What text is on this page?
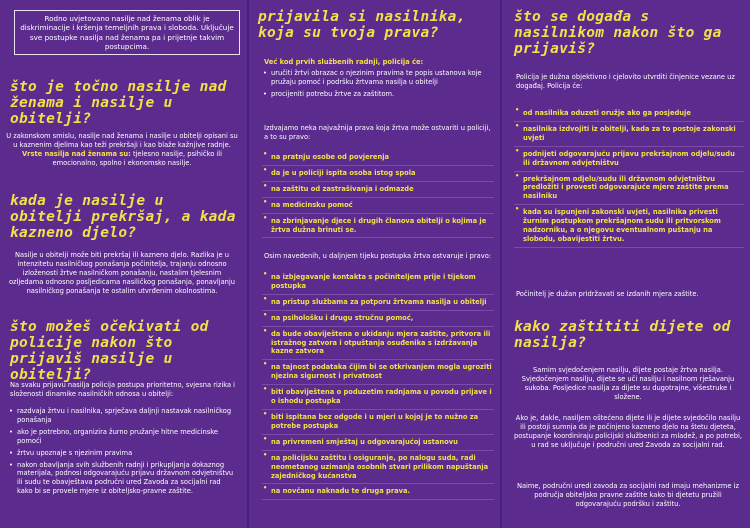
Rodno uvjetovano nasilje nad ženama oblik je diskriminacije i kršenja temeljnih prava i sloboda. Uključuje sve postupke nasilja nad ženama pa i prijetnje takvim postupcima.
što je točno nasilje nad ženama i nasilje u obitelji?
U zakonskom smislu, nasilje nad ženama i nasilje u obitelji opisani su u kaznenim djelima kao teži prekršaji i kao blaže kažnjive radnje.
Vrste nasilja nad ženama su: tjelesno nasilje, psihičko ili emocionalno, spolno i ekonomsko nasilje.
kada je nasilje u obitelji prekršaj, a kada kazneno djelo?
Nasilje u obitelji može biti prekršaj ili kazneno djelo. Razlika je u intenzitetu nasilničkog ponašanja počinitelja, trajanju odnosno izloženosti žrtve nasilničkom ponašanju, nastalim tjelesnim ozljedama odnosno posljedicama nasiličkog ponašanja, ponavljanju nasilničkog ponašanja te ostalim utvrđenim okolnostima.
što možeš očekivati od policije nakon što prijaviš nasilje u obitelji?
Na svaku prijavu nasilja policija postupa prioritetno, svjesna rizika i složenosti dinamike nasilničkih odnosa u obitelji:
• razdvaja žrtvu i nasilnika, sprječava daljnji nastavak nasilničkog ponašanja
• ako je potrebno, organizira žurno pružanje hitne medicinske pomoći
• žrtvu upoznaje s njezinim pravima
• nakon obavljanja svih službenih radnji i prikupljanja dokaznog materijala, podnosi odgovarajuću prijavu državnom odvjetništvu ili sudu te obavještava područni ured Zavoda za socijalni rad kako bi se provele mjere iz obiteljsko-pravne zaštite.
prijavila si nasilnika, koja su tvoja prava?
Već kod prvih službenih radnji, policija će:
• uručiti žrtvi obrazac o njezinim pravima te popis ustanova koje pružaju pomoć i podršku žrtvama nasilja u obitelji
• procijeniti potrebu žrtve za zaštitom.
Izdvajamo neka najvažnija prava koja žrtva može ostvariti u policiji, a to su pravo:
• na pratnju osobe od povjerenja
• da je u policiji ispita osoba istog spola
• na zaštitu od zastrašivanja i odmazde
• na medicinsku pomoć
• na zbrinjavanje djece i drugih članova obitelji o kojima je žrtva dužna brinuti se.
Osim navedenih, u daljnjem tijeku postupka žrtva ostvaruje i pravo:
• na izbjegavanje kontakta s počiniteljem prije i tijekom postupka
• na pristup službama za potporu žrtvama nasilja u obitelji
• na psihološku i drugu stručnu pomoć,
• da bude obaviještena o ukidanju mjera zaštite, pritvora ili istražnog zatvora i otpuštanja osuđenika s izdržavanja kazne zatvora
• na tajnost podataka čijim bi se otkrivanjem mogla ugroziti njezina sigurnost i privatnost
• biti obaviještena o poduzetim radnjama u povodu prijave i o ishodu postupka
• biti ispitana bez odgode i u mjeri u kojoj je to nužno za potrebe postupka
• na privremeni smještaj u odgovarajućoj ustanovu
• na policijsku zaštitu i osiguranje, po nalogu suda, radi neometanog uzimanja osobnih stvari prilikom napuštanja zajedničkog kućanstva
• na novčanu naknadu te druga prava.
što se događa s nasilnikom nakon što ga prijaviš?
Policija je dužna objektivno i cjelovito utvrditi činjenice vezane uz događaj. Policija će:
• od nasilnika oduzeti oružje ako ga posjeduje
• nasilnika izdvojiti iz obitelji, kada za to postoje zakonski uvjeti
• podnijeti odgovarajuću prijavu prekršajnom odjelu/sudu ili državnom odvjetništvu
• prekršajnom odjelu/sudu ili državnom odvjetništvu predložiti i provesti odgovarajuće mjere zaštite prema nasilniku
• kada su ispunjeni zakonski uvjeti, nasilnika privesti žurnim postupkom prekršajnom sudu ili pritvorskom nadzorniku, a o njegovu eventualnom puštanju na slobodu, obavijestiti žrtvu.
Počinitelj je dužan pridržavati se izdanih mjera zaštite.
kako zaštititi dijete od nasilja?
Samim svjedočenjem nasilju, dijete postaje žrtva nasilja. Svjedočenjem nasilju, dijete se uči nasilju i nasilnom rješavanju sukoba. Posljedice nasilja za dijete su dugotrajne, višestruke i složene.
Ako je, dakle, nasiljem oštećeno dijete ili je dijete svjedočilo nasilju ili postoji sumnja da je počinjeno kazneno djelo na štetu djeteta, postupanje koordiniraju policijski službenici za mladež, a po potrebi, u rad se uključuje i područni ured Zavoda za socijalni rad.
Naime, područni uredi zavoda za socijalni rad imaju mehanizme iz područja obiteljsko pravne zaštite kako bi djetetu pružili odgovarajuću podršku i zaštitu.
